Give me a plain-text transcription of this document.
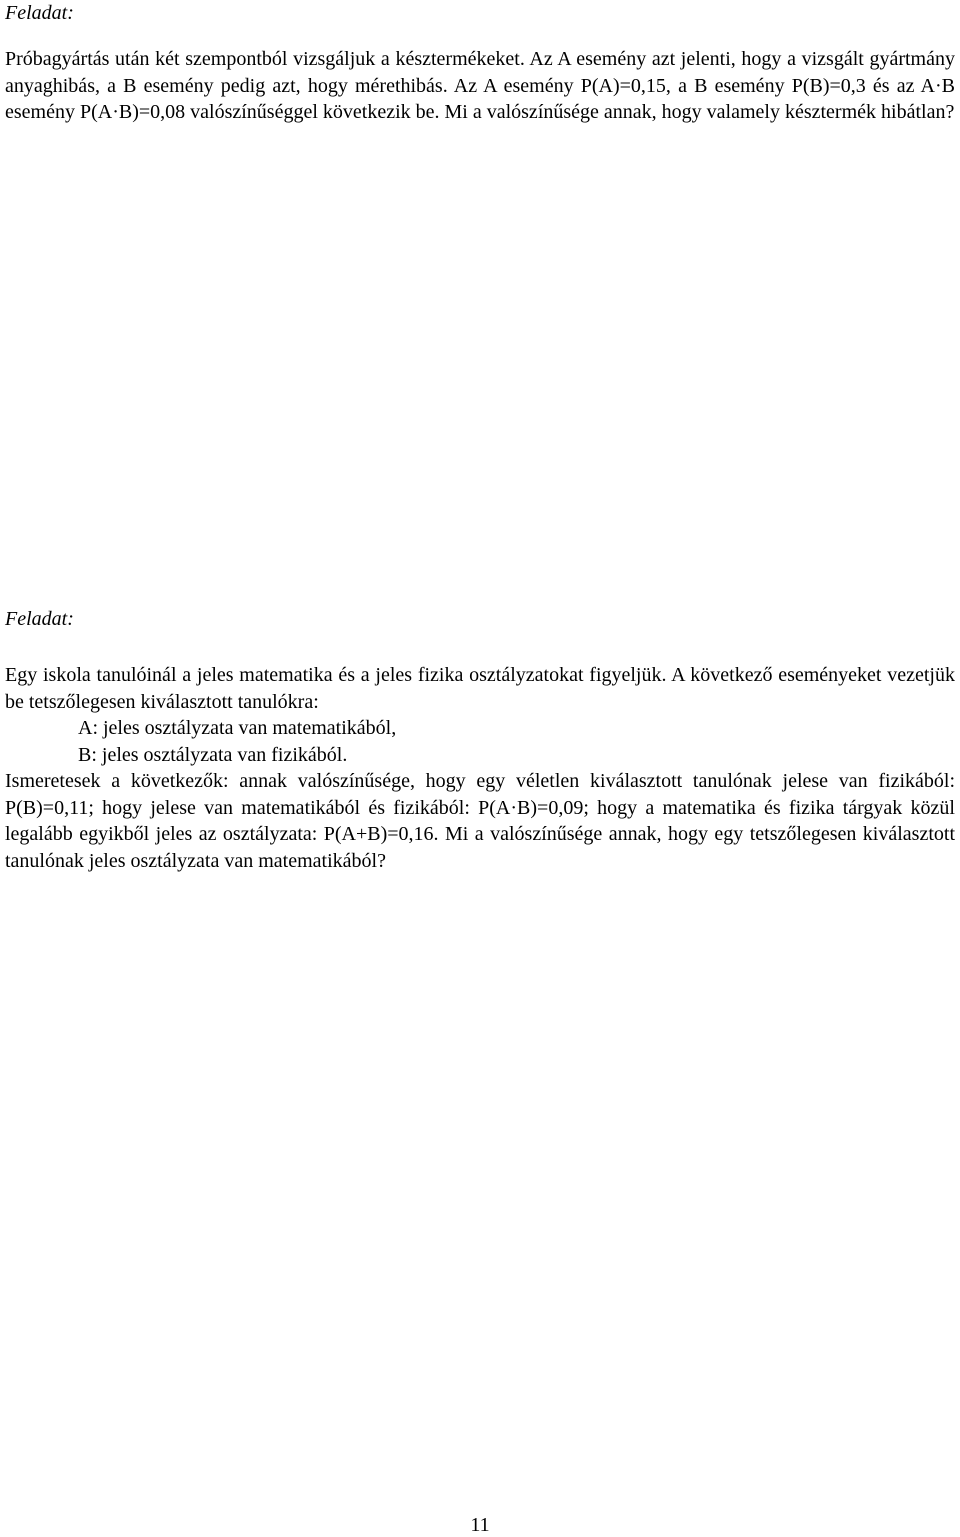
Feladat:

Próbagyártás után két szempontból vizsgáljuk a késztermékeket. Az A esemény azt jelenti, hogy a vizsgált gyártmány anyaghibás, a B esemény pedig azt, hogy mérethibás. Az A esemény P(A)=0,15, a B esemény P(B)=0,3 és az A·B esemény P(A·B)=0,08 valószínűséggel következik be. Mi a valószínűsége annak, hogy valamely késztermék hibátlan?

Feladat:
Egy iskola tanulóinál a jeles matematika és a jeles fizika osztályzatokat figyeljük. A következő eseményeket vezetjük be tetszőlegesen kiválasztott tanulókra:
A: jeles osztályzata van matematikából,
B: jeles osztályzata van fizikából.
Ismeretesek a következők: annak valószínűsége, hogy egy véletlen kiválasztott tanulónak jelese van fizikából: P(B)=0,11; hogy jelese van matematikából és fizikából: P(A·B)=0,09; hogy a matematika és fizika tárgyak közül legalább egyikből jeles az osztályzata: P(A+B)=0,16. Mi a valószínűsége annak, hogy egy tetszőlegesen kiválasztott tanulónak jeles osztályzata van matematikából?
11
